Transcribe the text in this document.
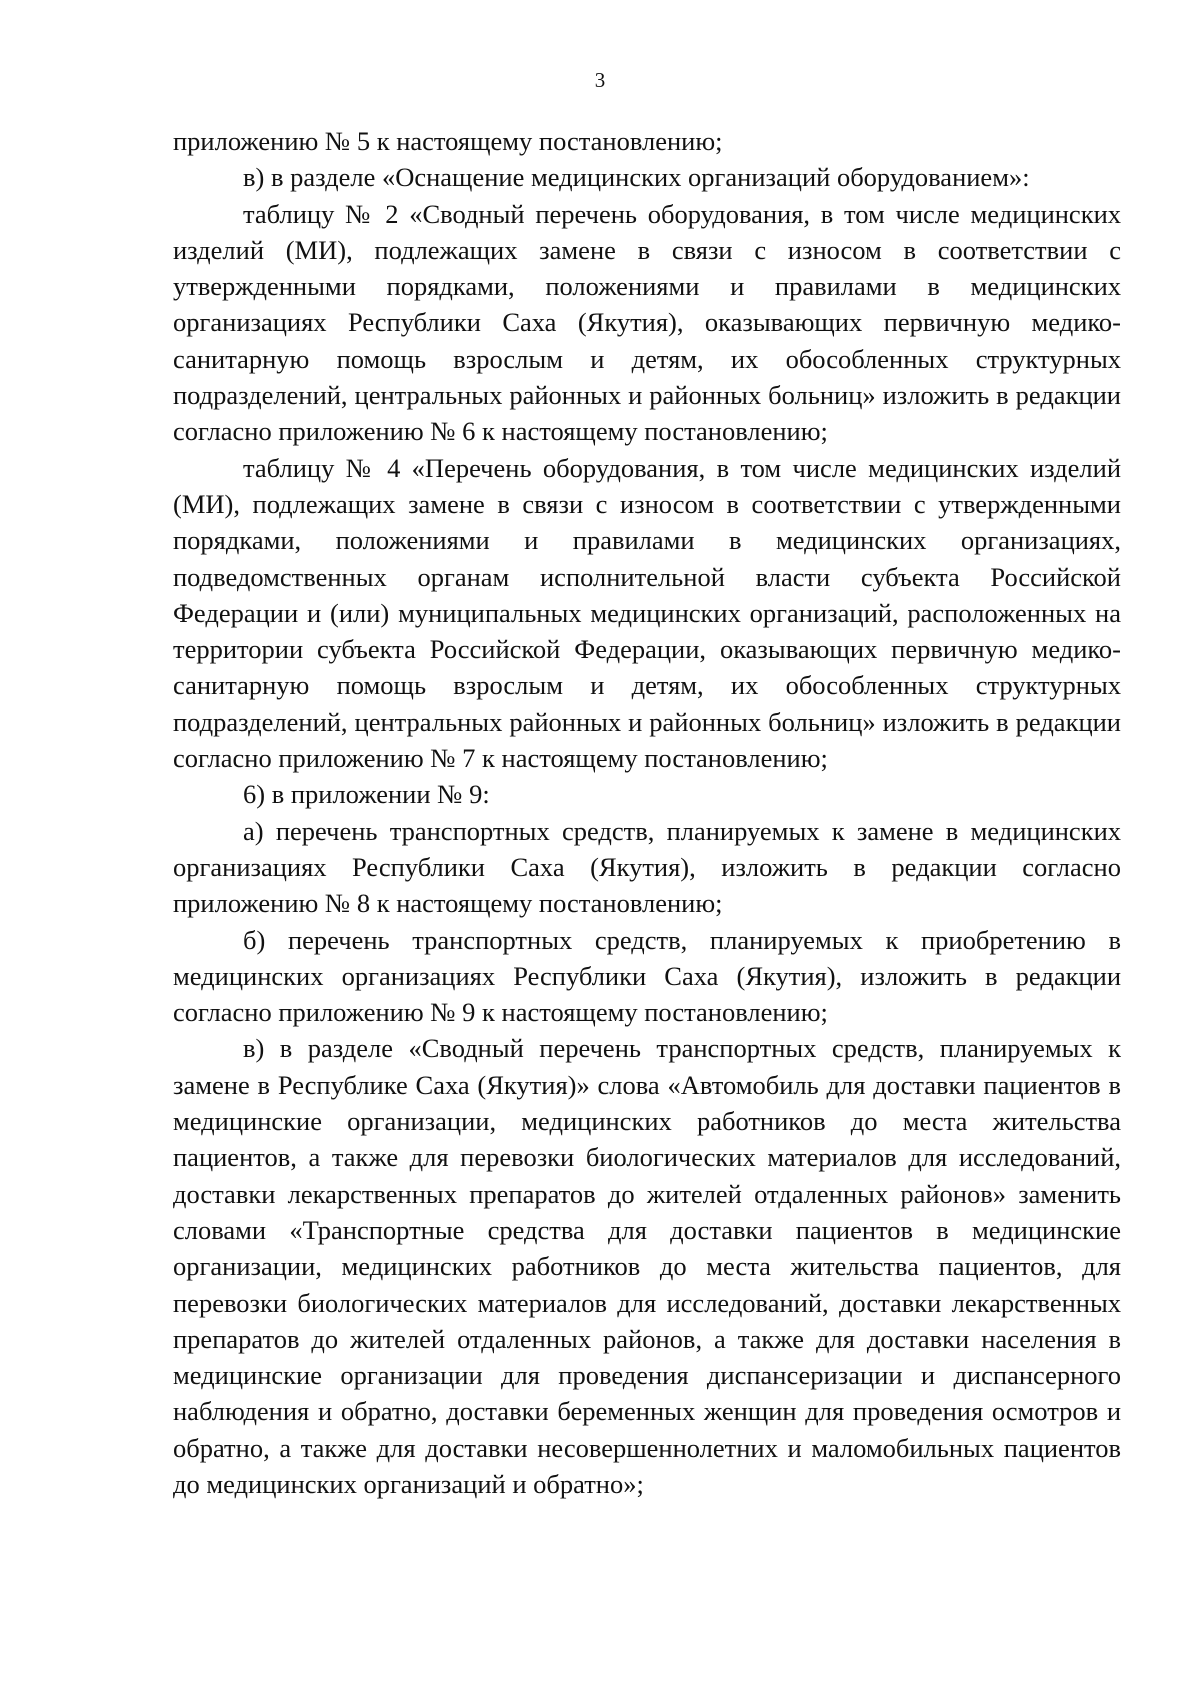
3

приложению № 5 к настоящему постановлению;

в) в разделе «Оснащение медицинских организаций оборудованием»:

таблицу № 2 «Сводный перечень оборудования, в том числе медицинских изделий (МИ), подлежащих замене в связи с износом в соответствии с утвержденными порядками, положениями и правилами в медицинских организациях Республики Саха (Якутия), оказывающих первичную медико-санитарную помощь взрослым и детям, их обособленных структурных подразделений, центральных районных и районных больниц» изложить в редакции согласно приложению № 6 к настоящему постановлению;

таблицу № 4 «Перечень оборудования, в том числе медицинских изделий (МИ), подлежащих замене в связи с износом в соответствии с утвержденными порядками, положениями и правилами в медицинских организациях, подведомственных органам исполнительной власти субъекта Российской Федерации и (или) муниципальных медицинских организаций, расположенных на территории субъекта Российской Федерации, оказывающих первичную медико-санитарную помощь взрослым и детям, их обособленных структурных подразделений, центральных районных и районных больниц» изложить в редакции согласно приложению № 7 к настоящему постановлению;

6) в приложении № 9:

а) перечень транспортных средств, планируемых к замене в медицинских организациях Республики Саха (Якутия), изложить в редакции согласно приложению № 8 к настоящему постановлению;

б) перечень транспортных средств, планируемых к приобретению в медицинских организациях Республики Саха (Якутия), изложить в редакции согласно приложению № 9 к настоящему постановлению;

в) в разделе «Сводный перечень транспортных средств, планируемых к замене в Республике Саха (Якутия)» слова «Автомобиль для доставки пациентов в медицинские организации, медицинских работников до места жительства пациентов, а также для перевозки биологических материалов для исследований, доставки лекарственных препаратов до жителей отдаленных районов» заменить словами «Транспортные средства для доставки пациентов в медицинские организации, медицинских работников до места жительства пациентов, для перевозки биологических материалов для исследований, доставки лекарственных препаратов до жителей отдаленных районов, а также для доставки населения в медицинские организации для проведения диспансеризации и диспансерного наблюдения и обратно, доставки беременных женщин для проведения осмотров и обратно, а также для доставки несовершеннолетних и маломобильных пациентов до медицинских организаций и обратно»;
